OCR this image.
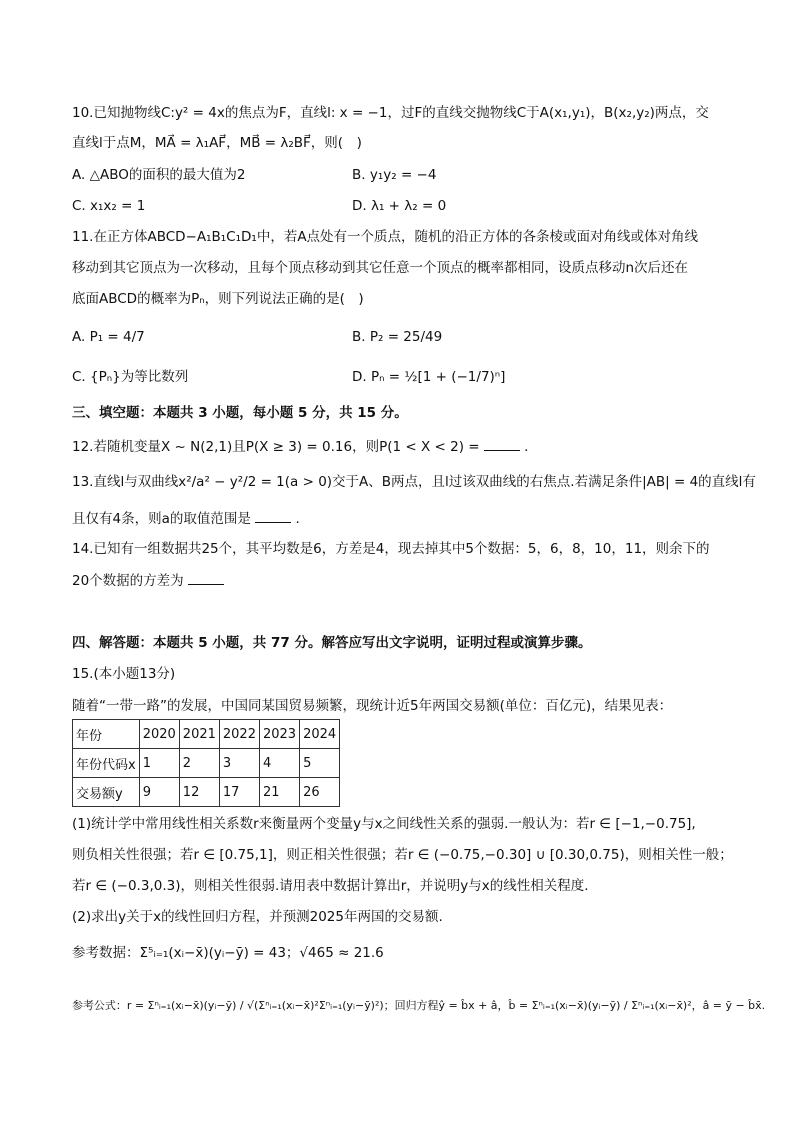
10.已知抛物线C:y² = 4x的焦点为F，直线l: x = −1，过F的直线交抛物线C于A(x₁,y₁)，B(x₂,y₂)两点，交
直线l于点M，MA⃗ = λ₁AF⃗，MB⃗ = λ₂BF⃗，则(　)
A. △ABO的面积的最大值为2	B. y₁y₂ = −4
C. x₁x₂ = 1	D. λ₁ + λ₂ = 0
11.在正方体ABCD−A₁B₁C₁D₁中，若A点处有一个质点，随机的沿正方体的各条棱或面对角线或体对角线
移动到其它顶点为一次移动，且每个顶点移动到其它任意一个顶点的概率都相同，设质点移动n次后还在
底面ABCD的概率为Pₙ，则下列说法正确的是(　)
A. P₁ = 4/7	B. P₂ = 25/49
C. {Pₙ}为等比数列	D. Pₙ = ½[1 + (−1/7)ⁿ]
三、填空题：本题共 3 小题，每小题 5 分，共 15 分。
12.若随机变量X ~ N(2,1)且P(X ≥ 3) = 0.16，则P(1 < X < 2) =	.
13.直线l与双曲线x²/a² − y²/2 = 1(a > 0)交于A、B两点，且l过该双曲线的右焦点.若满足条件|AB| = 4的直线l有
且仅有4条，则a的取值范围是	.
14.已知有一组数据共25个，其平均数是6，方差是4，现去掉其中5个数据：5，6，8，10，11，则余下的
20个数据的方差为
四、解答题：本题共 5 小题，共 77 分。解答应写出文字说明，证明过程或演算步骤。
15.(本小题13分)
随着“一带一路”的发展，中国同某国贸易频繁，现统计近5年两国交易额(单位：百亿元)，结果见表：
年份	2020	2021	2022	2023	2024
年份代码x	1	2	3	4	5
交易额y	9	12	17	21	26
(1)统计学中常用线性相关系数r来衡量两个变量y与x之间线性关系的强弱.一般认为：若r ∈ [−1,−0.75],
则负相关性很强；若r ∈ [0.75,1]，则正相关性很强；若r ∈ (−0.75,−0.30] ∪ [0.30,0.75)，则相关性一般；
若r ∈ (−0.3,0.3)，则相关性很弱.请用表中数据计算出r，并说明y与x的线性相关程度.
(2)求出y关于x的线性回归方程，并预测2025年两国的交易额.
参考数据：Σ⁵ᵢ₌₁(xᵢ−x̄)(yᵢ−ȳ) = 43；√465 ≈ 21.6
参考公式：r = Σⁿᵢ₌₁(xᵢ−x̄)(yᵢ−ȳ) / √(Σⁿᵢ₌₁(xᵢ−x̄)²Σⁿᵢ₌₁(yᵢ−ȳ)²)；回归方程ŷ = b̂x + â，b̂ = Σⁿᵢ₌₁(xᵢ−x̄)(yᵢ−ȳ) / Σⁿᵢ₌₁(xᵢ−x̄)²，â = ȳ − b̂x̄.
